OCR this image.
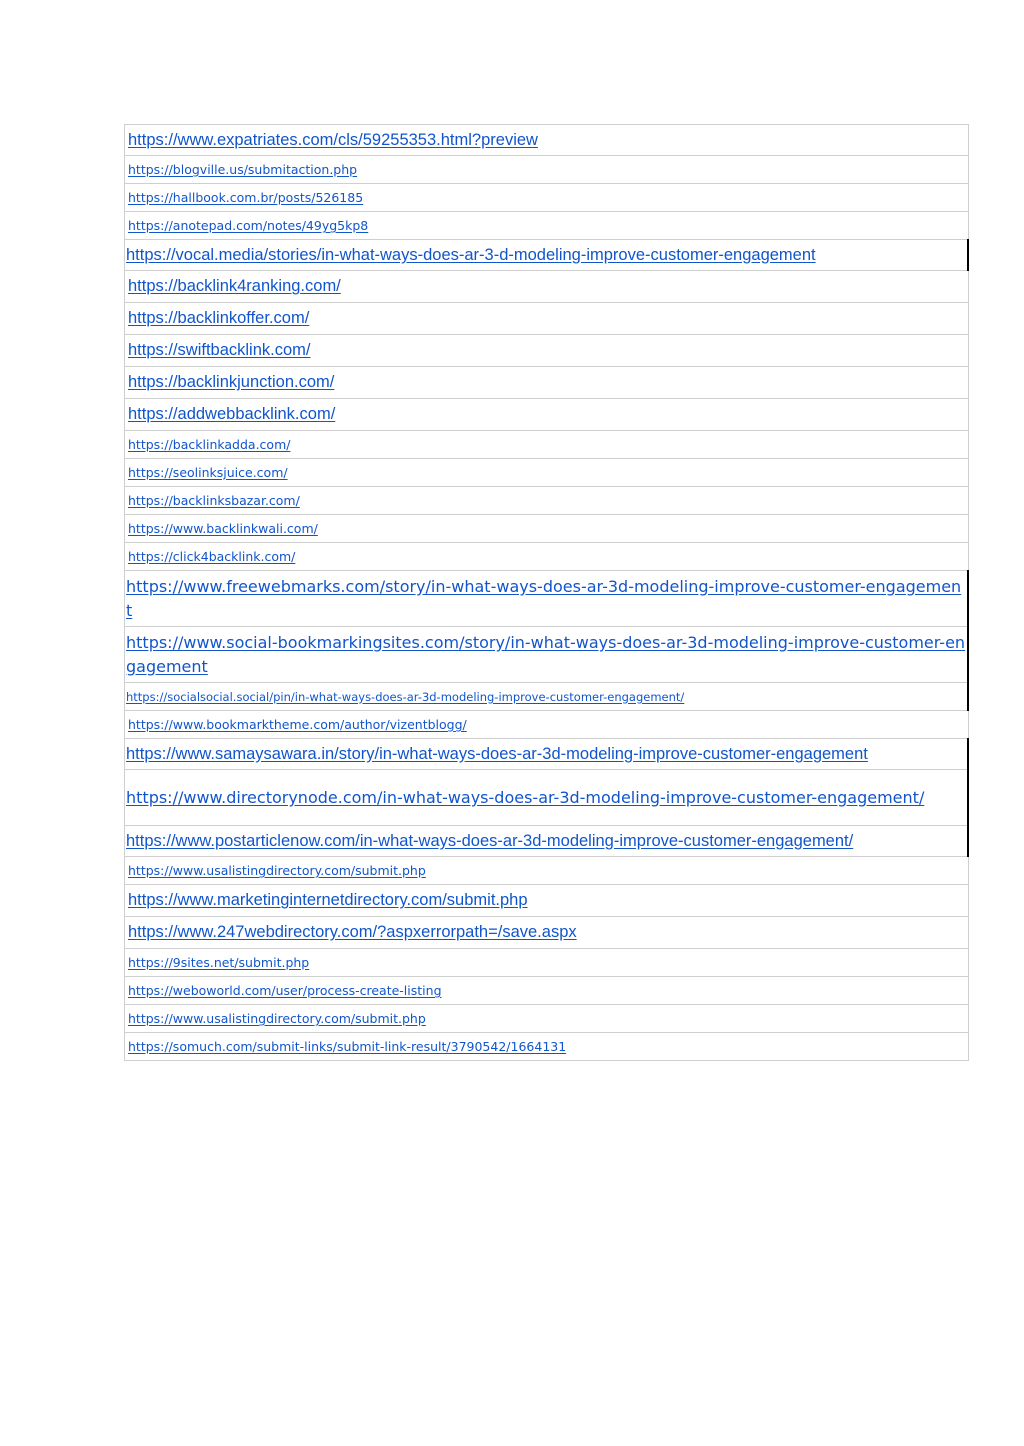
https://www.expatriates.com/cls/59255353.html?preview
https://blogville.us/submitaction.php
https://hallbook.com.br/posts/526185
https://anotepad.com/notes/49yg5kp8
https://vocal.media/stories/in-what-ways-does-ar-3-d-modeling-improve-customer-engagement
https://backlink4ranking.com/
https://backlinkoffer.com/
https://swiftbacklink.com/
https://backlinkjunction.com/
https://addwebbacklink.com/
https://backlinkadda.com/
https://seolinksjuice.com/
https://backlinksbazar.com/
https://www.backlinkwali.com/
https://click4backlink.com/
https://www.freewebmarks.com/story/in-what-ways-does-ar-3d-modeling-improve-customer-engagement
https://www.social-bookmarkingsites.com/story/in-what-ways-does-ar-3d-modeling-improve-customer-engagement
https://socialsocial.social/pin/in-what-ways-does-ar-3d-modeling-improve-customer-engagement/
https://www.bookmarktheme.com/author/vizentblogg/
https://www.samaysawara.in/story/in-what-ways-does-ar-3d-modeling-improve-customer-engagement
https://www.directorynode.com/in-what-ways-does-ar-3d-modeling-improve-customer-engagement/
https://www.postarticlenow.com/in-what-ways-does-ar-3d-modeling-improve-customer-engagement/
https://www.usalistingdirectory.com/submit.php
https://www.marketinginternetdirectory.com/submit.php
https://www.247webdirectory.com/?aspxerrorpath=/save.aspx
https://9sites.net/submit.php
https://weboworld.com/user/process-create-listing
https://www.usalistingdirectory.com/submit.php
https://somuch.com/submit-links/submit-link-result/3790542/1664131
